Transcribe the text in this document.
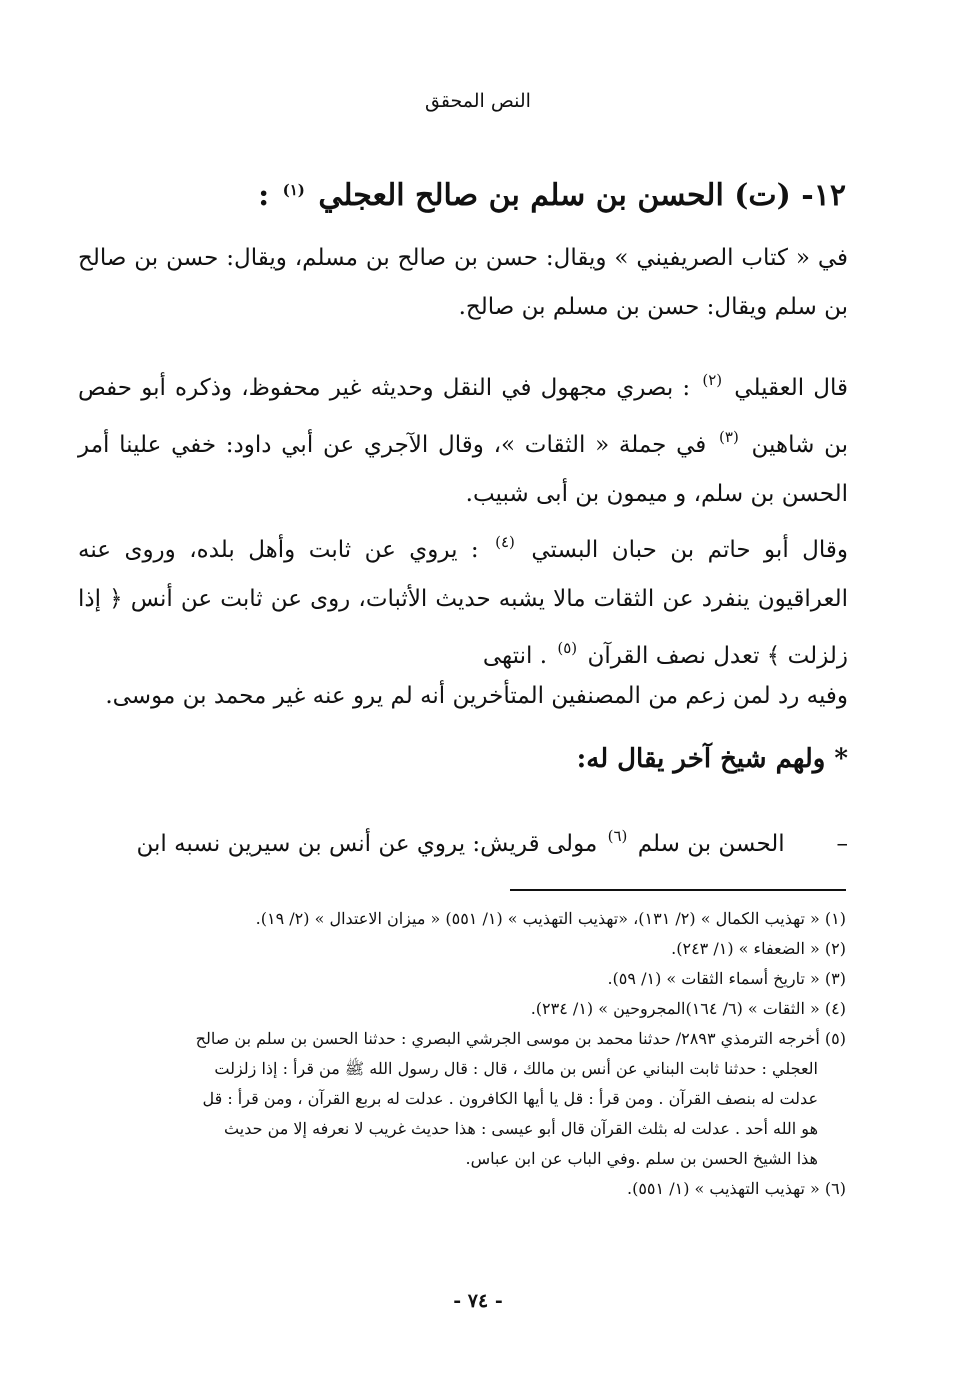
النص المحقق
١٢- (ت) الحسن بن سلم بن صالح العجلي $^{(١)}$ :

في « كتاب الصريفيني » ويقال: حسن بن صالح بن مسلم، ويقال: حسن بن صالح بن سلم ويقال: حسن بن مسلم بن صالح.

قال العقيلي $^{(٢)}$ : بصري مجهول في النقل وحديثه غير محفوظ، وذكره أبو حفص بن شاهين $^{(٣)}$ في جملة « الثقات »، وقال الآجري عن أبي داود: خفي علينا أمر الحسن بن سلم، و ميمون بن أبى شبيب.

وقال أبو حاتم بن حبان البستي $^{(٤)}$ : يروي عن ثابت وأهل بلده، وروى عنه العراقيون ينفرد عن الثقات مالا يشبه حديث الأثبات، روى عن ثابت عن أنس ﴿ إذا زلزلت ﴾ تعدل نصف القرآن $^{(٥)}$ . انتهى

وفيه رد لمن زعم من المصنفين المتأخرين أنه لم يرو عنه غير محمد بن موسى.

* ولهم شيخ آخر يقال له:
– الحسن بن سلم $^{(٦)}$ مولى قريش: يروي عن أنس بن سيرين نسبه ابن
(١) « تهذيب الكمال » (٢/ ١٣١)، «تهذيب التهذيب » (١/ ٥٥١) « ميزان الاعتدال » (٢/ ١٩).
(٢) « الضعفاء » (١/ ٢٤٣).
(٣) « تاريخ أسماء الثقات » (١/ ٥٩).
(٤) « الثقات » (٦/ ١٦٤)المجروحين » (١/ ٢٣٤).
(٥) أخرجه الترمذي ٢٨٩٣/ حدثنا محمد بن موسى الجرشي البصري : حدثنا الحسن بن سلم بن صالح
العجلي : حدثنا ثابت البناني عن أنس بن مالك ، قال : قال رسول الله ﷺ من قرأ : إذا زلزلت
عدلت له بنصف القرآن . ومن قرأ : قل يا أيها الكافرون . عدلت له بربع القرآن ، ومن قرأ : قل
هو الله أحد . عدلت له بثلث القرآن قال أبو عيسى : هذا حديث غريب لا نعرفه إلا من حديث
هذا الشيخ الحسن بن سلم .وفي الباب عن ابن عباس.
(٦) « تهذيب التهذيب » (١/ ٥٥١).
- ٧٤ -
